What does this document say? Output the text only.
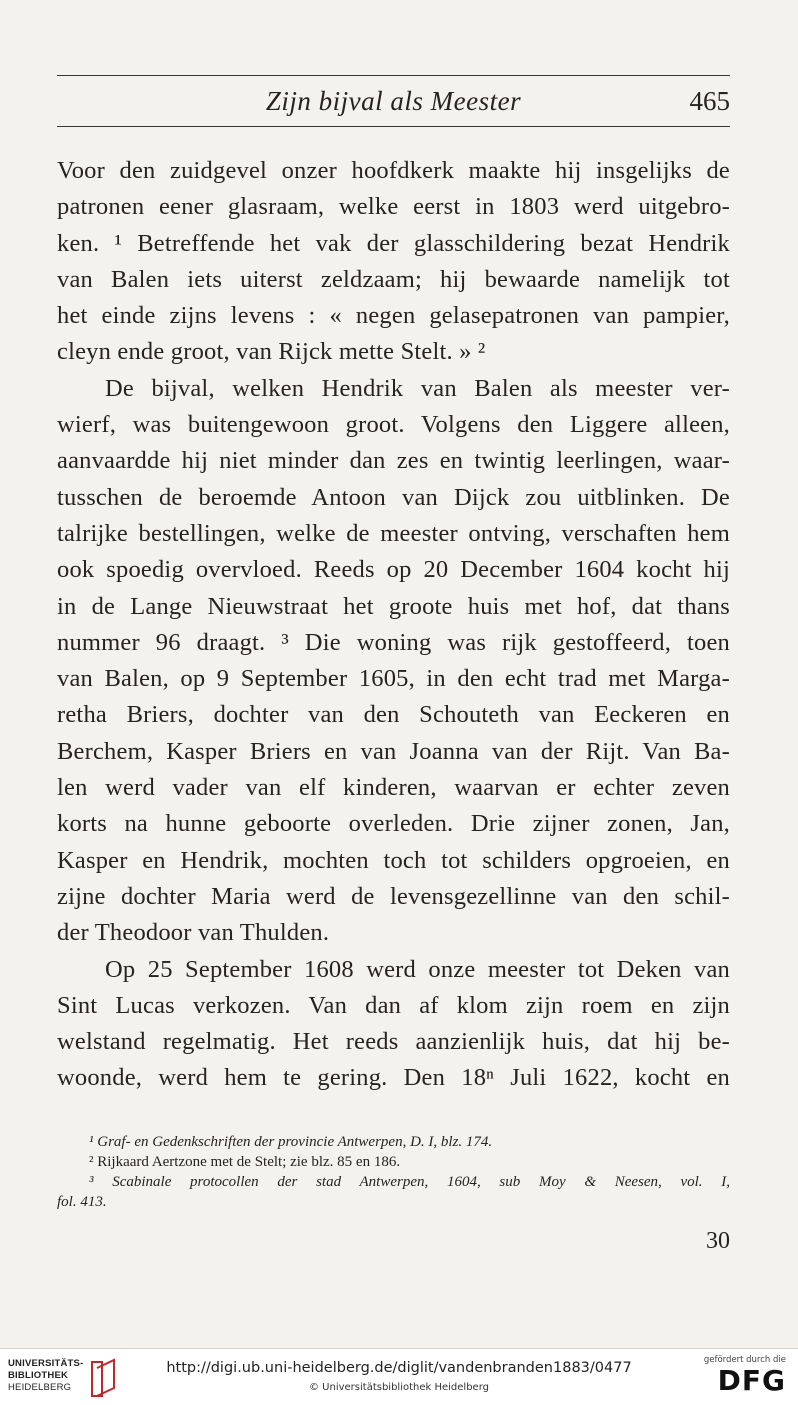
Zijn bijval als Meester	465
Voor den zuidgevel onzer hoofdkerk maakte hij insgelijks de
patronen eener glasraam, welke eerst in 1803 werd uitgebro-
ken. ¹ Betreffende het vak der glasschildering bezat Hendrik
van Balen iets uiterst zeldzaam; hij bewaarde namelijk tot
het einde zijns levens : « negen gelasepatronen van pampier,
cleyn ende groot, van Rijck mette Stelt. » ²
De bijval, welken Hendrik van Balen als meester ver-
wierf, was buitengewoon groot. Volgens den Liggere alleen,
aanvaardde hij niet minder dan zes en twintig leerlingen, waar-
tusschen de beroemde Antoon van Dijck zou uitblinken. De
talrijke bestellingen, welke de meester ontving, verschaften hem
ook spoedig overvloed. Reeds op 20 December 1604 kocht hij
in de Lange Nieuwstraat het groote huis met hof, dat thans
nummer 96 draagt. ³ Die woning was rijk gestoffeerd, toen
van Balen, op 9 September 1605, in den echt trad met Marga-
retha Briers, dochter van den Schouteth van Eeckeren en
Berchem, Kasper Briers en van Joanna van der Rijt. Van Ba-
len werd vader van elf kinderen, waarvan er echter zeven
korts na hunne geboorte overleden. Drie zijner zonen, Jan,
Kasper en Hendrik, mochten toch tot schilders opgroeien, en
zijne dochter Maria werd de levensgezellinne van den schil-
der Theodoor van Thulden.
Op 25 September 1608 werd onze meester tot Deken van
Sint Lucas verkozen. Van dan af klom zijn roem en zijn
welstand regelmatig. Het reeds aanzienlijk huis, dat hij be-
woonde, werd hem te gering. Den 18ⁿ Juli 1622, kocht en
¹ Graf- en Gedenkschriften der provincie Antwerpen, D. I, blz. 174.
² Rijkaard Aertzone met de Stelt; zie blz. 85 en 186.
³ Scabinale protocollen der stad Antwerpen, 1604, sub Moy & Neesen, vol. I,
fol. 413.
30
UNIVERSITÄTS-
BIBLIOTHEK
HEIDELBERG
http://digi.ub.uni-heidelberg.de/diglit/vandenbranden1883/0477
© Universitätsbibliothek Heidelberg
gefördert durch die
DFG
